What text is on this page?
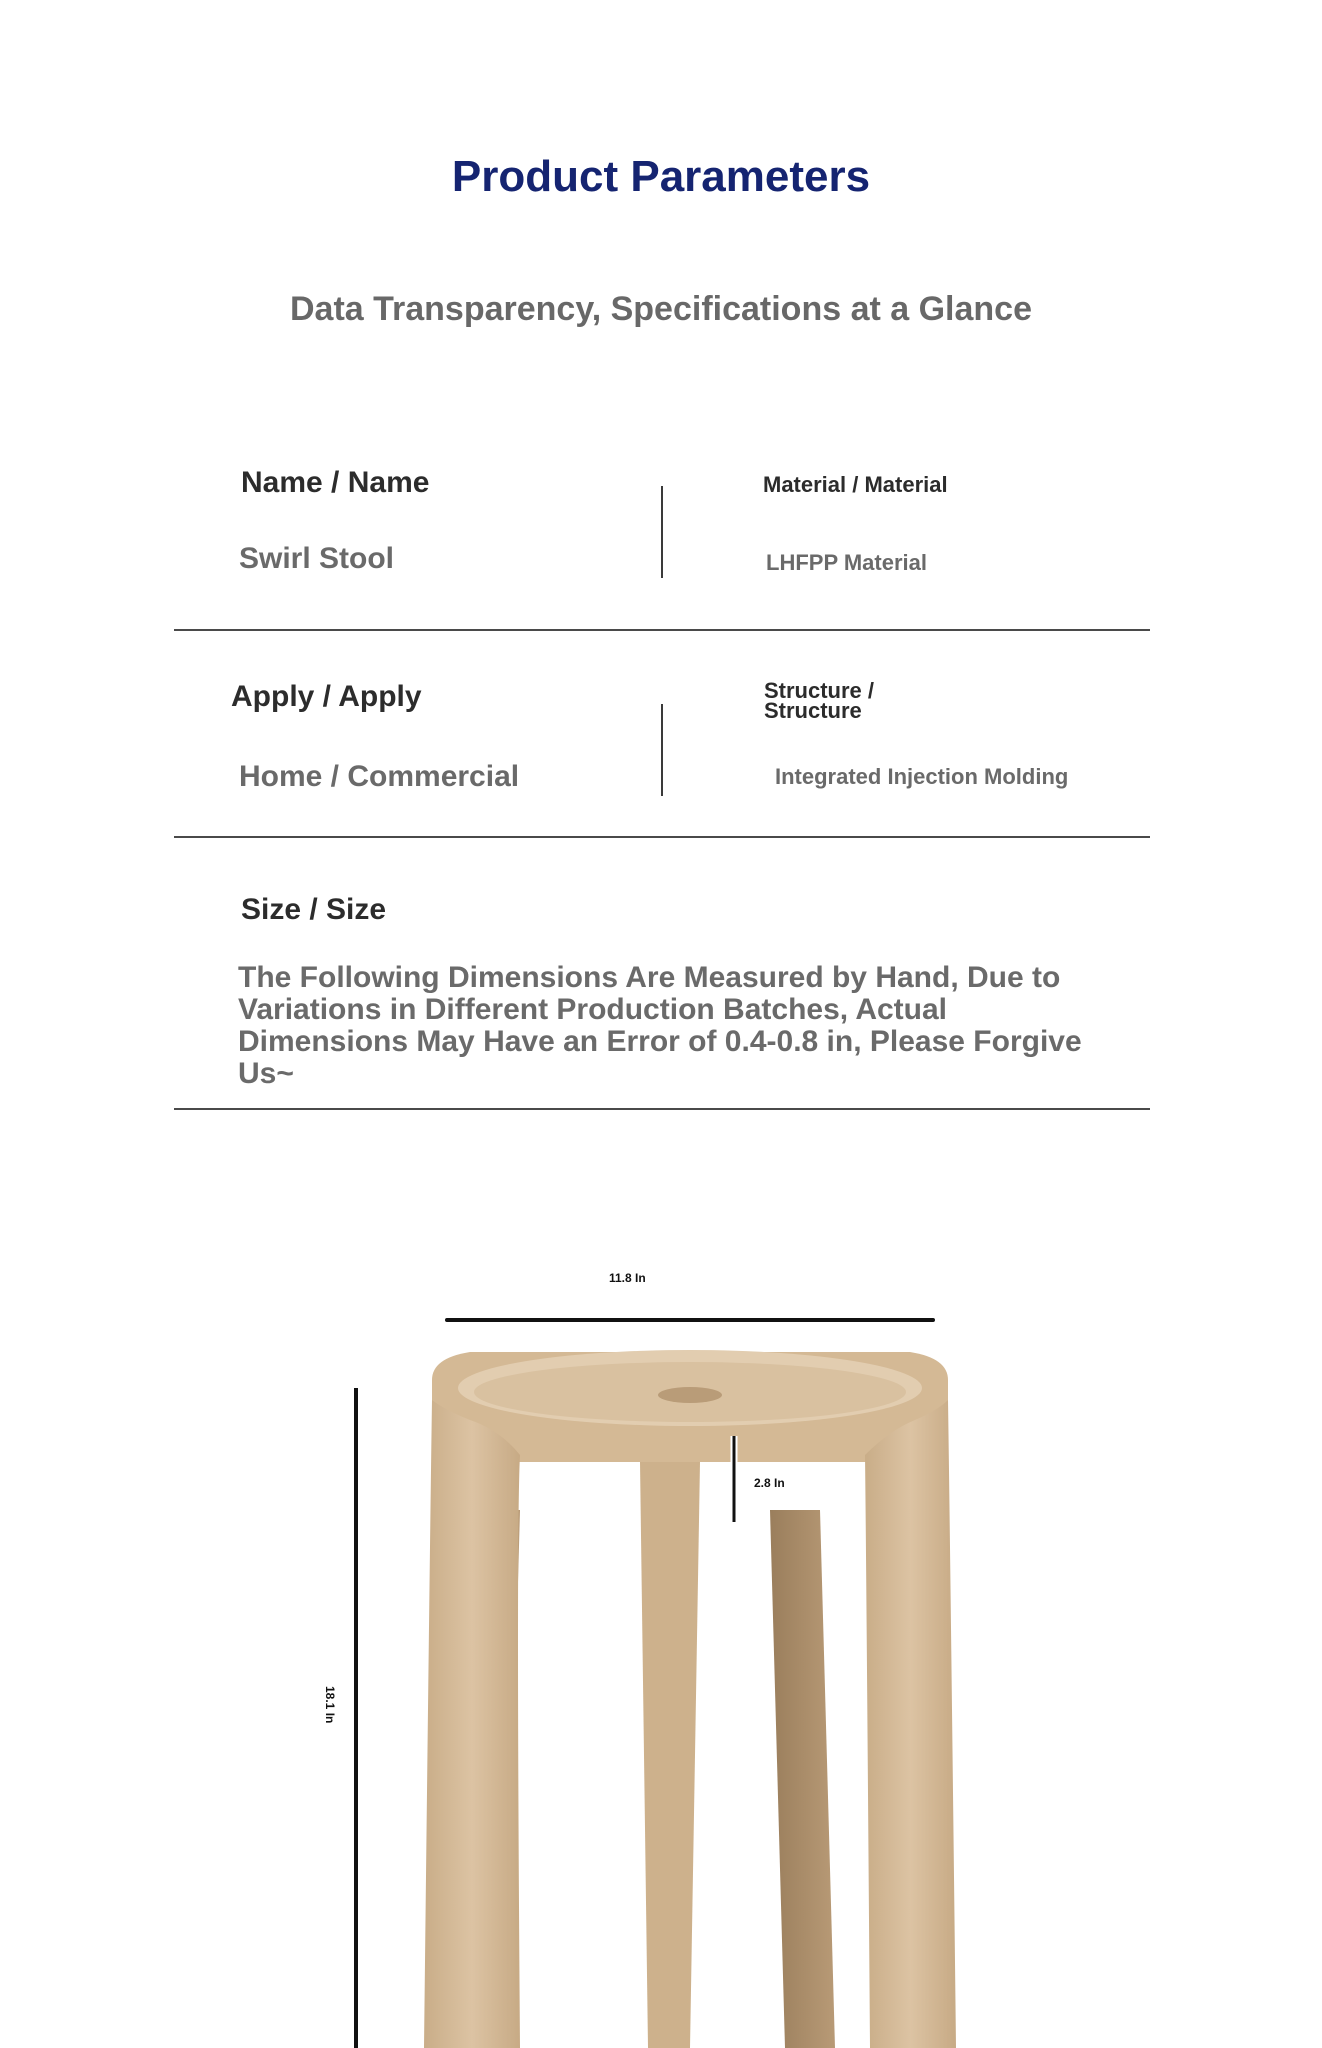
Product Parameters
Data Transparency, Specifications at a Glance
Name / Name
Swirl Stool
Material / Material
LHFPP Material
Apply / Apply
Home / Commercial
Structure /
Structure
Integrated Injection Molding
Size / Size
The Following Dimensions Are Measured by Hand, Due to Variations in Different Production Batches, Actual Dimensions May Have an Error of 0.4-0.8 in, Please Forgive Us~
11.8 In
2.8 In
18.1 In
